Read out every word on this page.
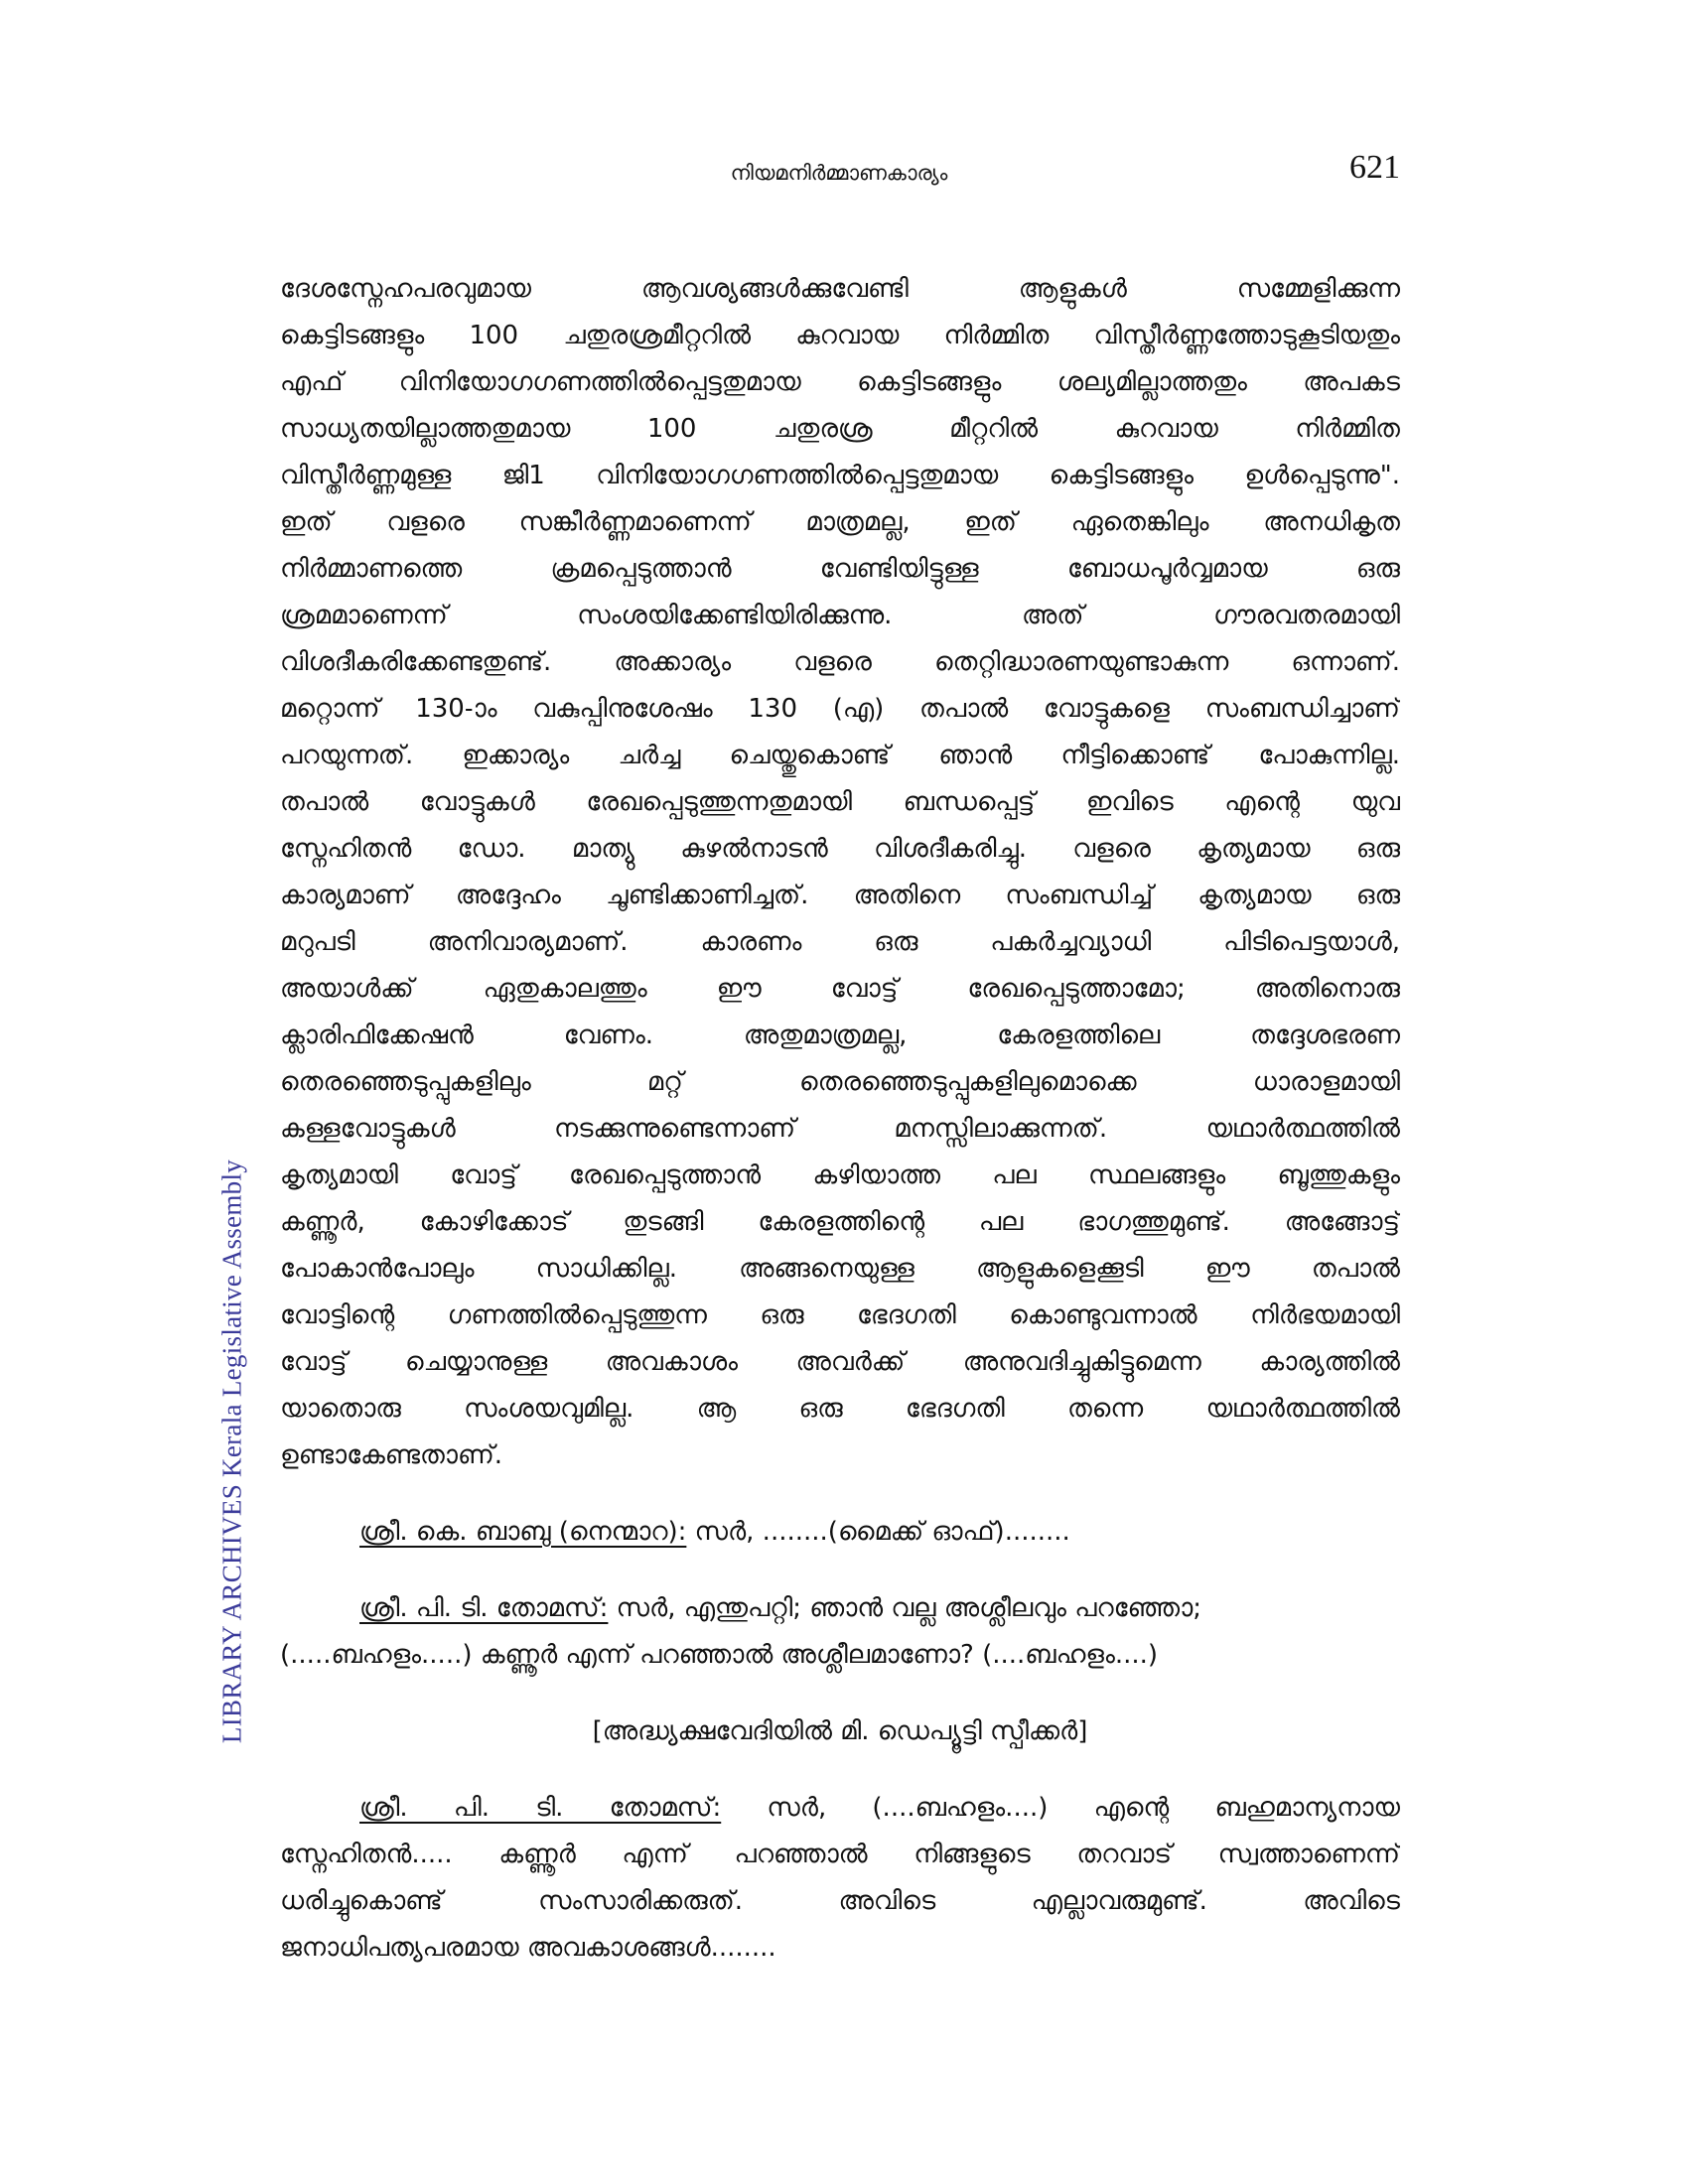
നിയമനിർമ്മാണകാര്യം	621
LIBRARY ARCHIVES Kerala Legislative Assembly
ദേശസ്നേഹപരവുമായ ആവശ്യങ്ങൾക്കുവേണ്ടി ആളുകൾ സമ്മേളിക്കുന്ന
കെട്ടിടങ്ങളും 100 ചതുരശ്രമീറ്ററിൽ കുറവായ നിർമ്മിത വിസ്തീർണ്ണത്തോടുകൂടിയതും
എഫ് വിനിയോഗഗണത്തിൽപ്പെട്ടതുമായ കെട്ടിടങ്ങളും ശല്യമില്ലാത്തതും അപകട
സാധ്യതയില്ലാത്തതുമായ 100 ചതുരശ്ര മീറ്ററിൽ കുറവായ നിർമ്മിത
വിസ്തീർണ്ണമുള്ള ജി1 വിനിയോഗഗണത്തിൽപ്പെട്ടതുമായ കെട്ടിടങ്ങളും ഉൾപ്പെടുന്നു".
ഇത് വളരെ സങ്കീർണ്ണമാണെന്ന് മാത്രമല്ല, ഇത് ഏതെങ്കിലും അനധികൃത
നിർമ്മാണത്തെ ക്രമപ്പെടുത്താൻ വേണ്ടിയിട്ടുള്ള ബോധപൂർവ്വമായ ഒരു
ശ്രമമാണെന്ന് സംശയിക്കേണ്ടിയിരിക്കുന്നു. അത് ഗൗരവതരമായി
വിശദീകരിക്കേണ്ടതുണ്ട്. അക്കാര്യം വളരെ തെറ്റിദ്ധാരണയുണ്ടാകുന്ന ഒന്നാണ്.
മറ്റൊന്ന് 130-ാം വകുപ്പിനുശേഷം 130 (എ) തപാൽ വോട്ടുകളെ സംബന്ധിച്ചാണ്
പറയുന്നത്. ഇക്കാര്യം ചർച്ച ചെയ്തുകൊണ്ട് ഞാൻ നീട്ടിക്കൊണ്ട് പോകുന്നില്ല.
തപാൽ വോട്ടുകൾ രേഖപ്പെടുത്തുന്നതുമായി ബന്ധപ്പെട്ട് ഇവിടെ എന്റെ യുവ
സ്നേഹിതൻ ഡോ. മാത്യു കുഴൽനാടൻ വിശദീകരിച്ചു. വളരെ കൃത്യമായ ഒരു
കാര്യമാണ് അദ്ദേഹം ചൂണ്ടിക്കാണിച്ചത്. അതിനെ സംബന്ധിച്ച് കൃത്യമായ ഒരു
മറുപടി അനിവാര്യമാണ്. കാരണം ഒരു പകർച്ചവ്യാധി പിടിപെട്ടയാൾ,
അയാൾക്ക് ഏതുകാലത്തും ഈ വോട്ട് രേഖപ്പെടുത്താമോ; അതിനൊരു
ക്ലാരിഫിക്കേഷൻ വേണം. അതുമാത്രമല്ല, കേരളത്തിലെ തദ്ദേശഭരണ
തെരഞ്ഞെടുപ്പുകളിലും മറ്റ് തെരഞ്ഞെടുപ്പുകളിലുമൊക്കെ ധാരാളമായി
കള്ളവോട്ടുകൾ നടക്കുന്നുണ്ടെന്നാണ് മനസ്സിലാക്കുന്നത്. യഥാർത്ഥത്തിൽ
കൃത്യമായി വോട്ട് രേഖപ്പെടുത്താൻ കഴിയാത്ത പല സ്ഥലങ്ങളും ബൂത്തുകളും
കണ്ണൂർ, കോഴിക്കോട് തുടങ്ങി കേരളത്തിന്റെ പല ഭാഗത്തുമുണ്ട്. അങ്ങോട്ട്
പോകാൻപോലും സാധിക്കില്ല. അങ്ങനെയുള്ള ആളുകളെക്കൂടി ഈ തപാൽ
വോട്ടിന്റെ ഗണത്തിൽപ്പെടുത്തുന്ന ഒരു ഭേദഗതി കൊണ്ടുവന്നാൽ നിർഭയമായി
വോട്ട് ചെയ്യാനുള്ള അവകാശം അവർക്ക് അനുവദിച്ചുകിട്ടുമെന്ന കാര്യത്തിൽ
യാതൊരു സംശയവുമില്ല. ആ ഒരു ഭേദഗതി തന്നെ യഥാർത്ഥത്തിൽ
ഉണ്ടാകേണ്ടതാണ്.
ശ്രീ. കെ. ബാബു (നെന്മാറ): സർ, ........(മൈക്ക് ഓഫ്)........
ശ്രീ. പി. ടി. തോമസ്: സർ, എന്തുപറ്റി; ഞാൻ വല്ല അശ്ലീലവും പറഞ്ഞോ;
(.....ബഹളം.....) കണ്ണൂർ എന്ന് പറഞ്ഞാൽ അശ്ലീലമാണോ? (....ബഹളം....)
[അദ്ധ്യക്ഷവേദിയിൽ മി. ഡെപ്യൂട്ടി സ്പീക്കർ]
ശ്രീ. പി. ടി. തോമസ്: സർ, (....ബഹളം....) എന്റെ ബഹുമാന്യനായ
സ്നേഹിതൻ..... കണ്ണൂർ എന്ന് പറഞ്ഞാൽ നിങ്ങളുടെ തറവാട് സ്വത്താണെന്ന്
ധരിച്ചുകൊണ്ട് സംസാരിക്കരുത്. അവിടെ എല്ലാവരുമുണ്ട്. അവിടെ
ജനാധിപത്യപരമായ അവകാശങ്ങൾ........
